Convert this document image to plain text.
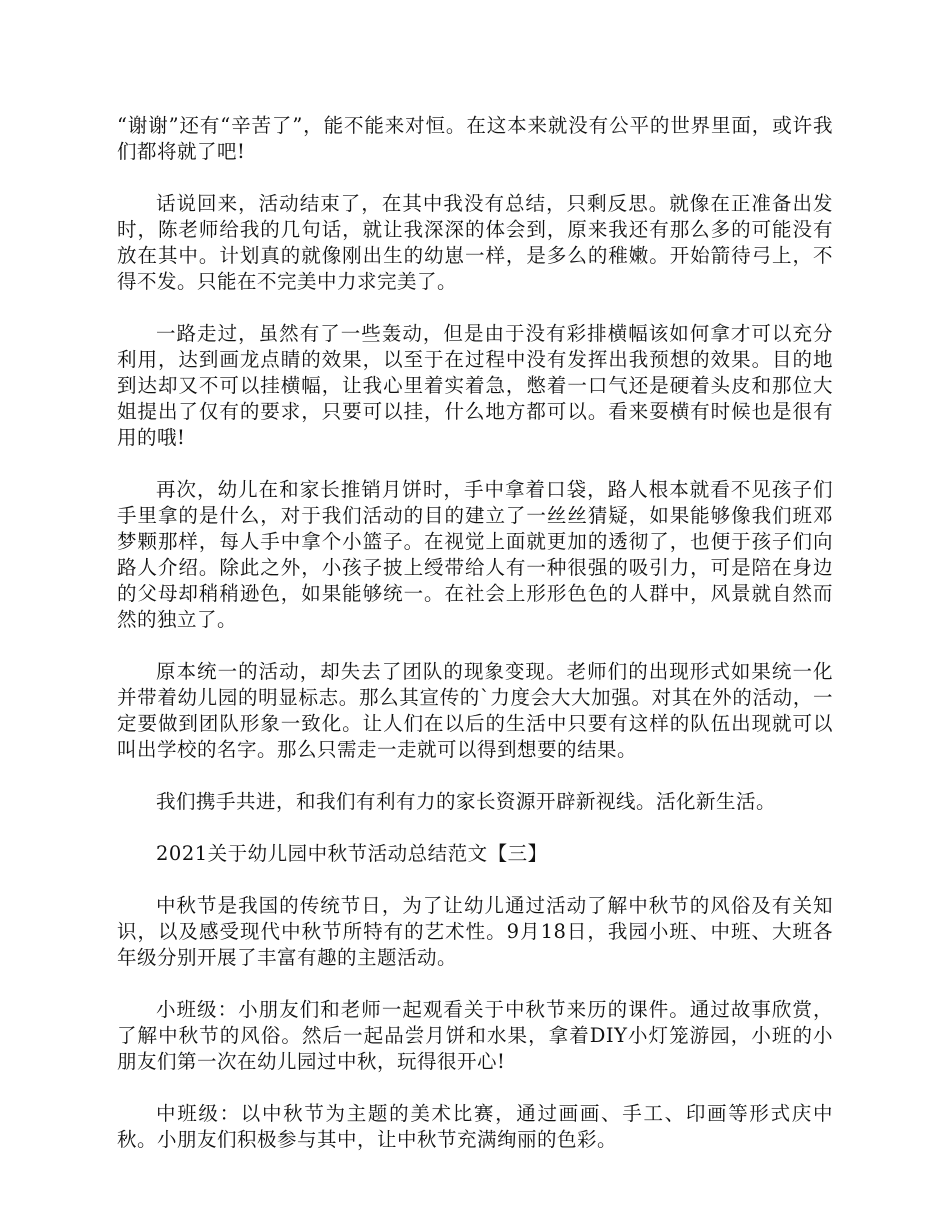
“谢谢”还有“辛苦了”，能不能来对恒。在这本来就没有公平的世界里面，或许我们都将就了吧!

话说回来，活动结束了，在其中我没有总结，只剩反思。就像在正准备出发时，陈老师给我的几句话，就让我深深的体会到，原来我还有那么多的可能没有放在其中。计划真的就像刚出生的幼崽一样，是多么的稚嫩。开始箭待弓上，不得不发。只能在不完美中力求完美了。

一路走过，虽然有了一些轰动，但是由于没有彩排横幅该如何拿才可以充分利用，达到画龙点睛的效果，以至于在过程中没有发挥出我预想的效果。目的地到达却又不可以挂横幅，让我心里着实着急，憋着一口气还是硬着头皮和那位大姐提出了仅有的要求，只要可以挂，什么地方都可以。看来耍横有时候也是很有用的哦!

再次，幼儿在和家长推销月饼时，手中拿着口袋，路人根本就看不见孩子们手里拿的是什么，对于我们活动的目的建立了一丝丝猜疑，如果能够像我们班邓梦颗那样，每人手中拿个小篮子。在视觉上面就更加的透彻了，也便于孩子们向路人介绍。除此之外，小孩子披上绶带给人有一种很强的吸引力，可是陪在身边的父母却稍稍逊色，如果能够统一。在社会上形形色色的人群中，风景就自然而然的独立了。

原本统一的活动，却失去了团队的现象变现。老师们的出现形式如果统一化并带着幼儿园的明显标志。那么其宣传的`力度会大大加强。对其在外的活动，一定要做到团队形象一致化。让人们在以后的生活中只要有这样的队伍出现就可以叫出学校的名字。那么只需走一走就可以得到想要的结果。

我们携手共进，和我们有利有力的家长资源开辟新视线。活化新生活。

2021关于幼儿园中秋节活动总结范文【三】

中秋节是我国的传统节日，为了让幼儿通过活动了解中秋节的风俗及有关知识，以及感受现代中秋节所特有的艺术性。9月18日，我园小班、中班、大班各年级分别开展了丰富有趣的主题活动。

小班级：小朋友们和老师一起观看关于中秋节来历的课件。通过故事欣赏，了解中秋节的风俗。然后一起品尝月饼和水果，拿着DIY小灯笼游园，小班的小朋友们第一次在幼儿园过中秋，玩得很开心!

中班级：以中秋节为主题的美术比赛，通过画画、手工、印画等形式庆中秋。小朋友们积极参与其中，让中秋节充满绚丽的色彩。
